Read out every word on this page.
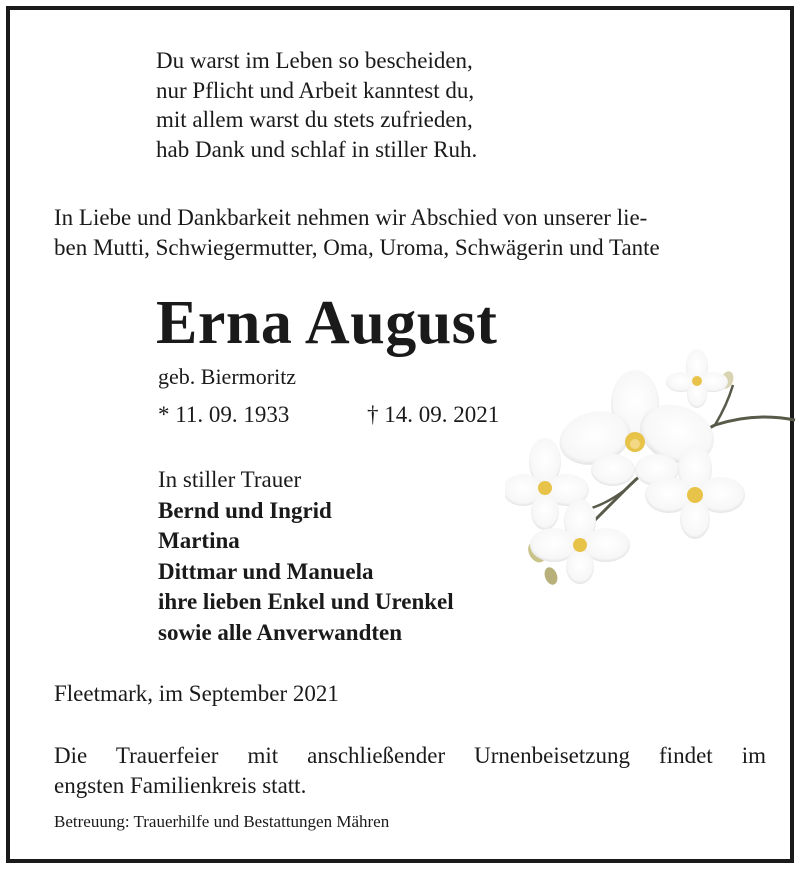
Du warst im Leben so bescheiden,
nur Pflicht und Arbeit kanntest du,
mit allem warst du stets zufrieden,
hab Dank und schlaf in stiller Ruh.
In Liebe und Dankbarkeit nehmen wir Abschied von unserer lie-
ben Mutti, Schwiegermutter, Oma, Uroma, Schwägerin und Tante
Erna August
geb. Biermoritz
* 11. 09. 1933	† 14. 09. 2021
In stiller Trauer
Bernd und Ingrid
Martina
Dittmar und Manuela
ihre lieben Enkel und Urenkel
sowie alle Anverwandten
Fleetmark, im September 2021
Die Trauerfeier mit anschließender Urnenbeisetzung findet im
engsten Familienkreis statt.
Betreuung: Trauerhilfe und Bestattungen Mähren
